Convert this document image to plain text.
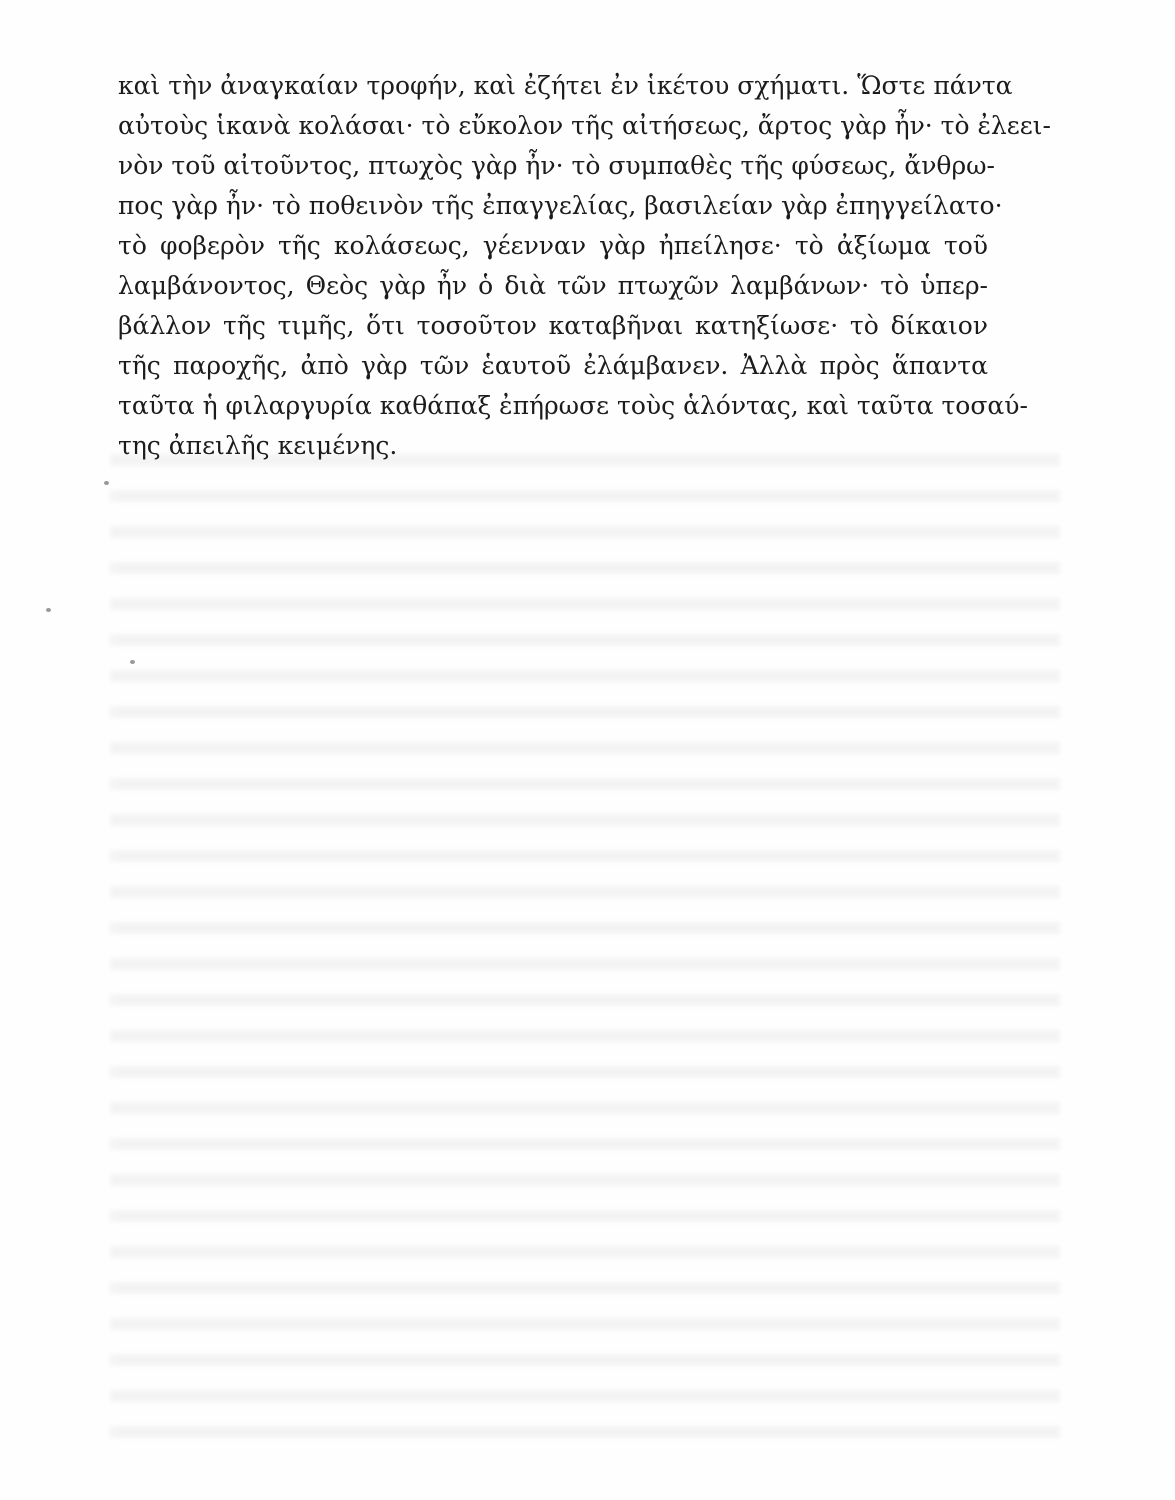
καὶ τὴν ἀναγκαίαν τροφήν, καὶ ἐζήτει ἐν ἱκέτου σχήματι. Ὥστε πάντα
αὐτοὺς ἱκανὰ κολάσαι· τὸ εὔκολον τῆς αἰτήσεως, ἄρτος γὰρ ἦν· τὸ ἐλεει-
νὸν τοῦ αἰτοῦντος, πτωχὸς γὰρ ἦν· τὸ συμπαθὲς τῆς φύσεως, ἄνθρω-
πος γὰρ ἦν· τὸ ποθεινὸν τῆς ἐπαγγελίας, βασιλείαν γὰρ ἐπηγγείλατο·
τὸ φοβερὸν τῆς κολάσεως, γέενναν γὰρ ἠπείλησε· τὸ ἀξίωμα τοῦ
λαμβάνοντος, Θεὸς γὰρ ἦν ὁ διὰ τῶν πτωχῶν λαμβάνων· τὸ ὑπερ-
βάλλον τῆς τιμῆς, ὅτι τοσοῦτον καταβῆναι κατηξίωσε· τὸ δίκαιον
τῆς παροχῆς, ἀπὸ γὰρ τῶν ἑαυτοῦ ἐλάμβανεν. Ἀλλὰ πρὸς ἅπαντα
ταῦτα ἡ φιλαργυρία καθάπαξ ἐπήρωσε τοὺς ἁλόντας, καὶ ταῦτα τοσαύ-
της ἀπειλῆς κειμένης.
